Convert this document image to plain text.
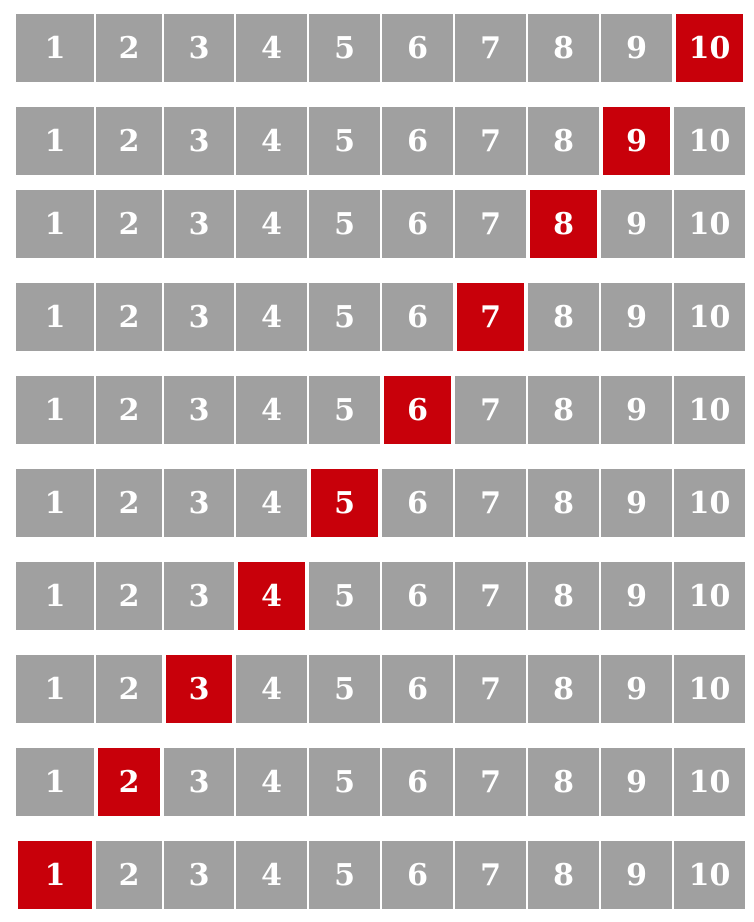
1	2	3	4	5	6	7	8	9	10
1	2	3	4	5	6	7	8	9	10
1	2	3	4	5	6	7	8	9	10
1	2	3	4	5	6	7	8	9	10
1	2	3	4	5	6	7	8	9	10
1	2	3	4	5	6	7	8	9	10
1	2	3	4	5	6	7	8	9	10
1	2	3	4	5	6	7	8	9	10
1	2	3	4	5	6	7	8	9	10
1	2	3	4	5	6	7	8	9	10
